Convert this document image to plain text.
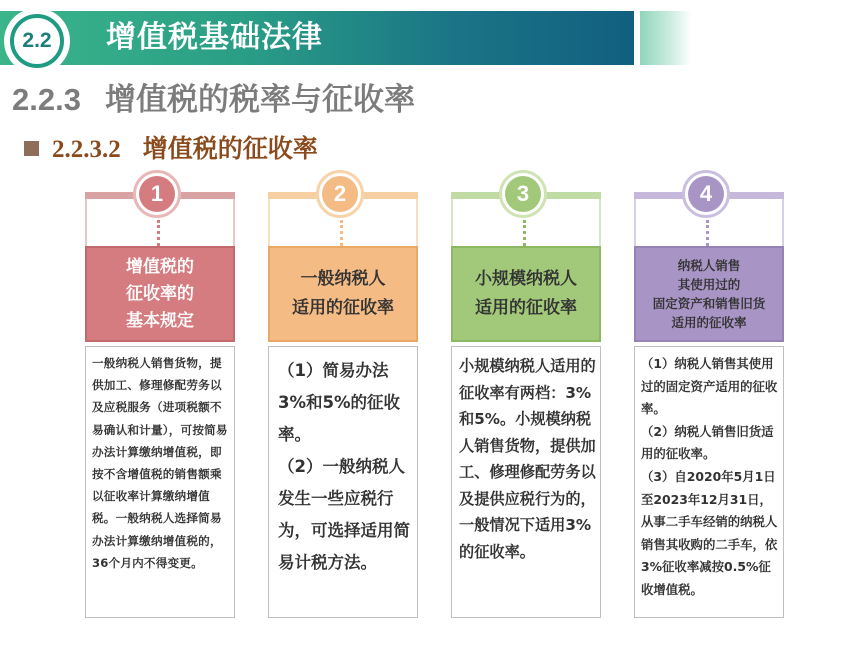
2.2 增值税基础法律
2.2.3 增值税的税率与征收率
2.2.3.2 增值税的征收率
1
增值税的
征收率的
基本规定

一般纳税人销售货物，提供加工、修理修配劳务以及应税服务（进项税额不易确认和计量），可按简易办法计算缴纳增值税，即按不含增值税的销售额乘以征收率计算缴纳增值税。一般纳税人选择简易办法计算缴纳增值税的，36个月内不得变更。

2
一般纳税人
适用的征收率

（1）简易办法3%和5%的征收率。

（2）一般纳税人发生一些应税行为，可选择适用简易计税方法。

3
小规模纳税人
适用的征收率

小规模纳税人适用的征收率有两档：3%和5%。小规模纳税人销售货物，提供加工、修理修配劳务以及提供应税行为的，一般情况下适用3%的征收率。

4
纳税人销售
其使用过的
固定资产和销售旧货
适用的征收率

（1）纳税人销售其使用过的固定资产适用的征收率。

（2）纳税人销售旧货适用的征收率。

（3）自2020年5月1日至2023年12月31日，从事二手车经销的纳税人销售其收购的二手车，依3%征收率减按0.5%征收增值税。
